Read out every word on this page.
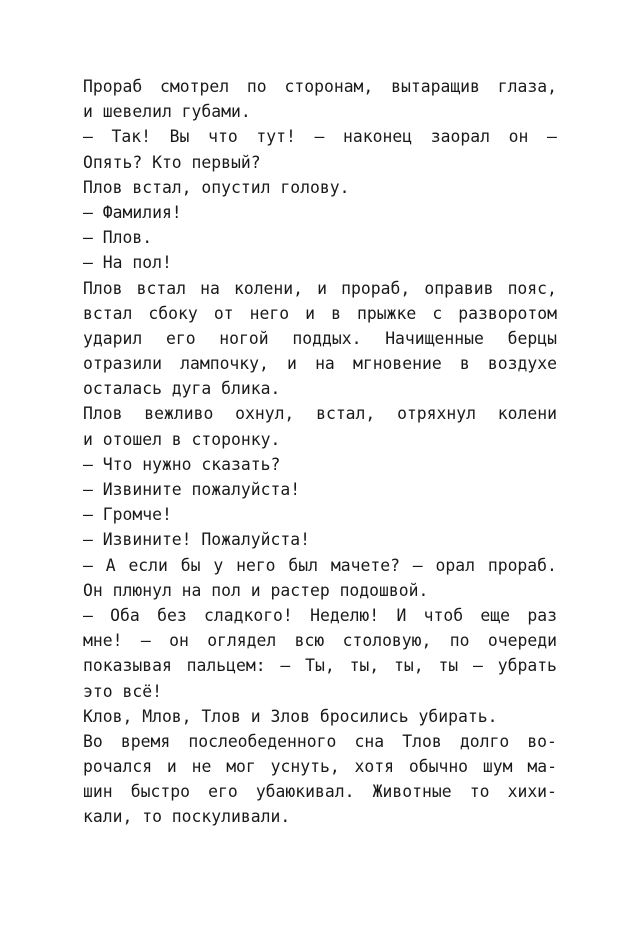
Прораб смотрел по сторонам, вытаращив глаза,
и шевелил губами.
— Так! Вы что тут! — наконец заорал он —
Опять? Кто первый?
Плов встал, опустил голову.
— Фамилия!
— Плов.
— На пол!
Плов встал на колени, и прораб, оправив пояс,
встал сбоку от него и в прыжке с разворотом
ударил его ногой поддых. Начищенные берцы
отразили лампочку, и на мгновение в воздухе
осталась дуга блика.
Плов вежливо охнул, встал, отряхнул колени
и отошел в сторонку.
— Что нужно сказать?
— Извините пожалуйста!
— Громче!
— Извините! Пожалуйста!
— А если бы у него был мачете? — орал прораб.
Он плюнул на пол и растер подошвой.
— Оба без сладкого! Неделю! И чтоб еще раз
мне! — он оглядел всю столовую, по очереди
показывая пальцем: — Ты, ты, ты, ты — убрать
это всё!
Клов, Млов, Тлов и Злов бросились убирать.
Во время послеобеденного сна Тлов долго во-
рочался и не мог уснуть, хотя обычно шум ма-
шин быстро его убаюкивал. Животные то хихи-
кали, то поскуливали.
